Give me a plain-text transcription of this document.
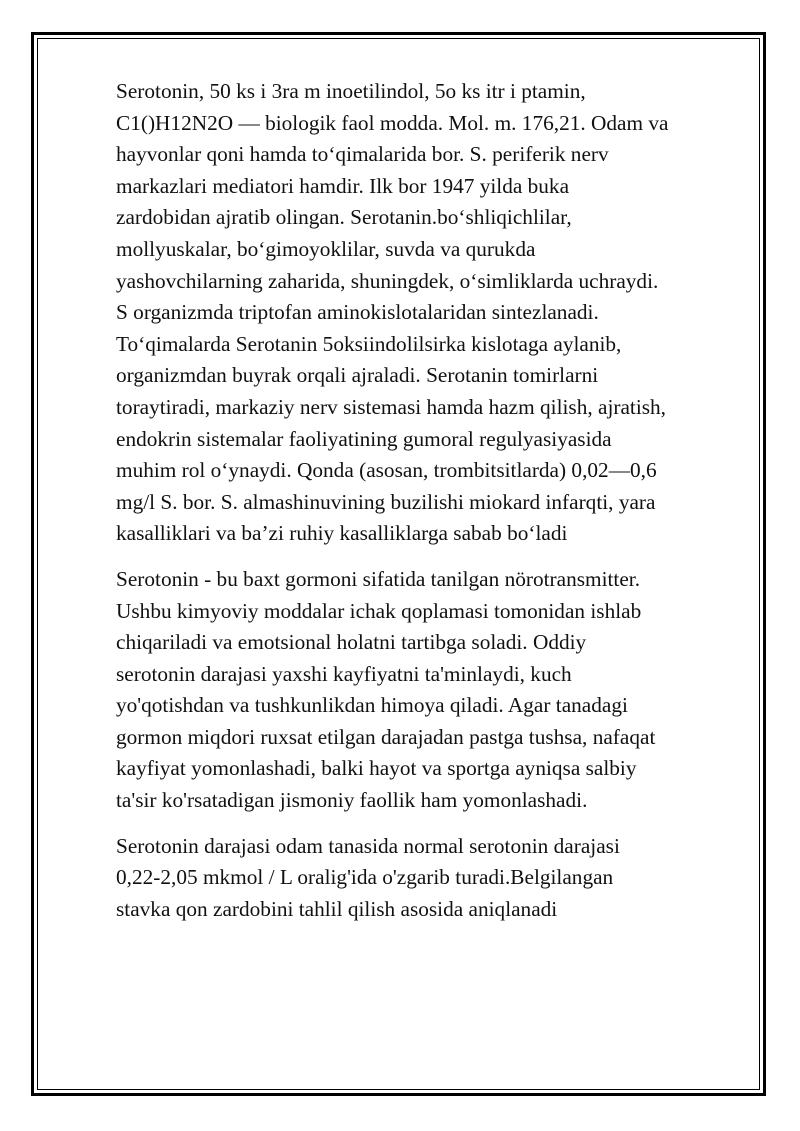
Serotonin, 50 ks i 3ra m inoetilindol, 5o ks itr i ptamin,
C1()H12N2O — biologik faol modda. Mol. m. 176,21. Odam va
hayvonlar qoni hamda to‘qimalarida bor. S. periferik nerv
markazlari mediatori hamdir. Ilk bor 1947 yilda buka
zardobidan ajratib olingan. Serotanin.bo‘shliqichlilar,
mollyuskalar, bo‘gimoyoklilar, suvda va qurukda
yashovchilarning zaharida, shuningdek, o‘simliklarda uchraydi.
S organizmda triptofan aminokislotalaridan sintezlanadi.
To‘qimalarda Serotanin 5oksiindolilsirka kislotaga aylanib,
organizmdan buyrak orqali ajraladi. Serotanin tomirlarni
toraytiradi, markaziy nerv sistemasi hamda hazm qilish, ajratish,
endokrin sistemalar faoliyatining gumoral regulyasiyasida
muhim rol o‘ynaydi. Qonda (asosan, trombitsitlarda) 0,02—0,6
mg/l S. bor. S. almashinuvining buzilishi miokard infarqti, yara
kasalliklari va ba’zi ruhiy kasalliklarga sabab bo‘ladi

Serotonin - bu baxt gormoni sifatida tanilgan nörotransmitter.
Ushbu kimyoviy moddalar ichak qoplamasi tomonidan ishlab
chiqariladi va emotsional holatni tartibga soladi. Oddiy
serotonin darajasi yaxshi kayfiyatni ta'minlaydi, kuch
yo'qotishdan va tushkunlikdan himoya qiladi. Agar tanadagi
gormon miqdori ruxsat etilgan darajadan pastga tushsa, nafaqat
kayfiyat yomonlashadi, balki hayot va sportga ayniqsa salbiy
ta'sir ko'rsatadigan jismoniy faollik ham yomonlashadi.

Serotonin darajasi odam tanasida normal serotonin darajasi
0,22-2,05 mkmol / L oralig'ida o'zgarib turadi.Belgilangan
stavka qon zardobini tahlil qilish asosida aniqlanadi
